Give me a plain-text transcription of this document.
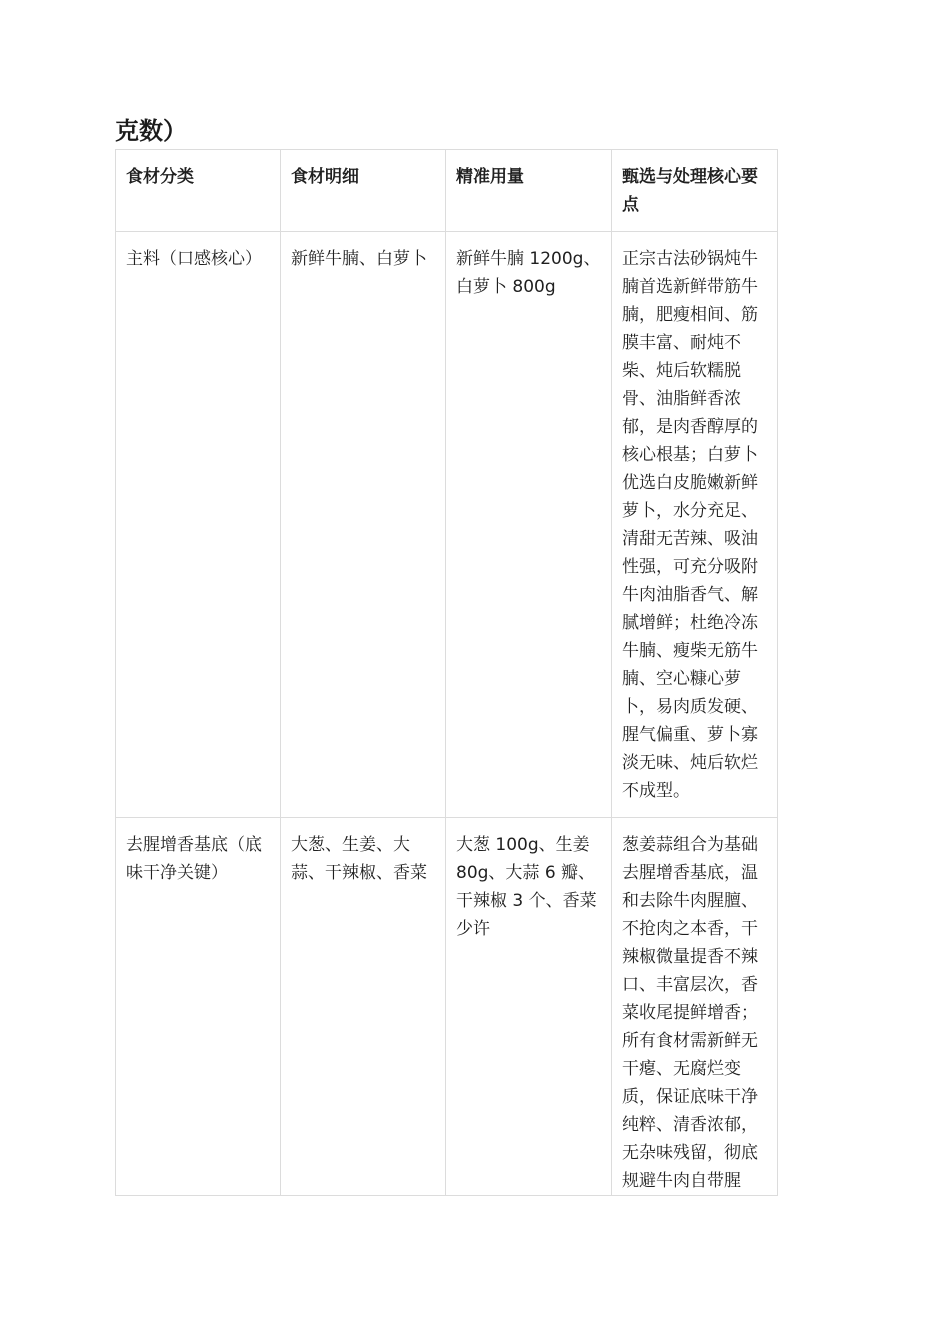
克数）
食材分类	食材明细	精准用量	甄选与处理核心要点
主料（口感核心）	新鲜牛腩、白萝卜	新鲜牛腩 1200g、白萝卜 800g	正宗古法砂锅炖牛腩首选新鲜带筋牛腩，肥瘦相间、筋膜丰富、耐炖不柴、炖后软糯脱骨、油脂鲜香浓郁，是肉香醇厚的核心根基；白萝卜优选白皮脆嫩新鲜萝卜，水分充足、清甜无苦辣、吸油性强，可充分吸附牛肉油脂香气、解腻增鲜；杜绝冷冻牛腩、瘦柴无筋牛腩、空心糠心萝卜，易肉质发硬、腥气偏重、萝卜寡淡无味、炖后软烂不成型。

去腥增香基底（底味干净关键）	大葱、生姜、大蒜、干辣椒、香菜	大葱 100g、生姜 80g、大蒜 6 瓣、干辣椒 3 个、香菜少许	葱姜蒜组合为基础去腥增香基底，温和去除牛肉腥膻、不抢肉之本香，干辣椒微量提香不辣口、丰富层次，香菜收尾提鲜增香；所有食材需新鲜无干瘪、无腐烂变质，保证底味干净纯粹、清香浓郁，无杂味残留，彻底规避牛肉自带腥
